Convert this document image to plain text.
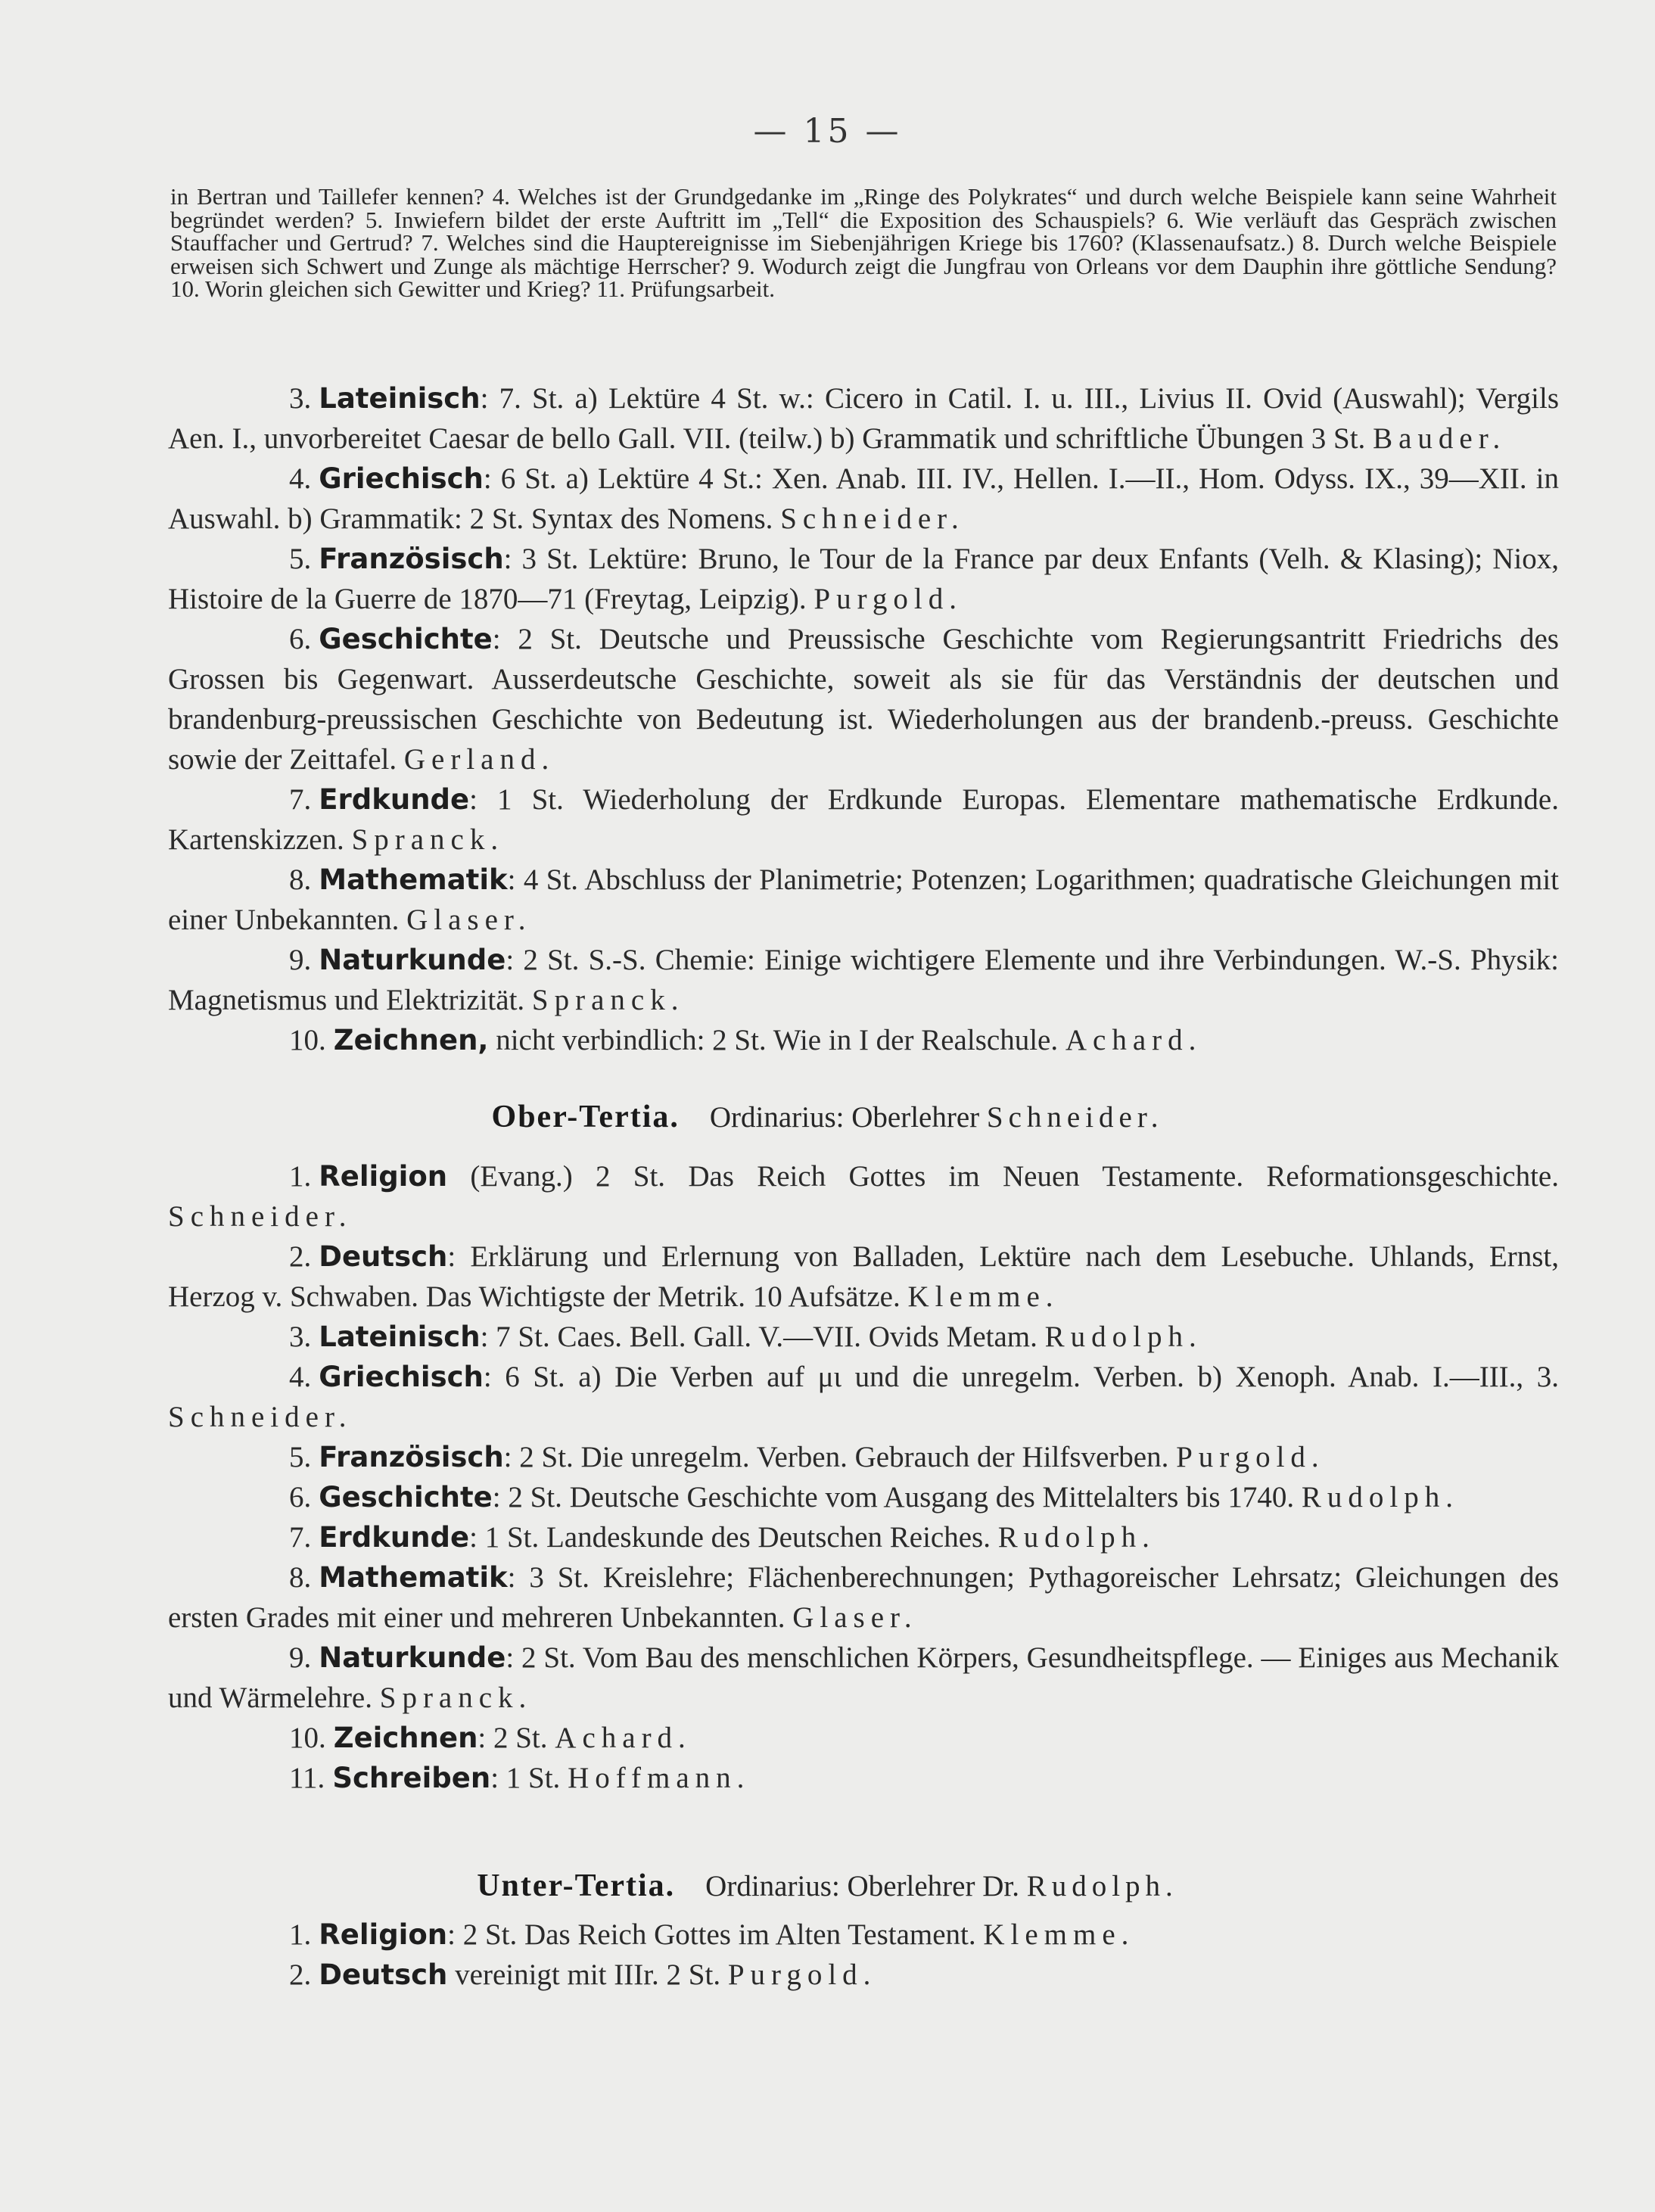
— 15 —
in Bertran und Taillefer kennen? 4. Welches ist der Grundgedanke im „Ringe des Polykrates“ und durch welche Beispiele kann seine Wahrheit begründet werden? 5. Inwiefern bildet der erste Auftritt im „Tell“ die Exposition des Schauspiels? 6. Wie verläuft das Gespräch zwischen Stauffacher und Gertrud? 7. Welches sind die Hauptereignisse im Siebenjährigen Kriege bis 1760? (Klassenaufsatz.) 8. Durch welche Beispiele erweisen sich Schwert und Zunge als mächtige Herrscher? 9. Wodurch zeigt die Jungfrau von Orleans vor dem Dauphin ihre göttliche Sendung? 10. Worin gleichen sich Gewitter und Krieg? 11. Prüfungsarbeit.

3. Lateinisch: 7. St. a) Lektüre 4 St. w.: Cicero in Catil. I. u. III., Livius II. Ovid (Auswahl); Vergils Aen. I., unvorbereitet Caesar de bello Gall. VII. (teilw.) b) Grammatik und schriftliche Übungen 3 St. Bauder.

4. Griechisch: 6 St. a) Lektüre 4 St.: Xen. Anab. III. IV., Hellen. I.—II., Hom. Odyss. IX., 39—XII. in Auswahl. b) Grammatik: 2 St. Syntax des Nomens. Schneider.

5. Französisch: 3 St. Lektüre: Bruno, le Tour de la France par deux Enfants (Velh. & Klasing); Niox, Histoire de la Guerre de 1870—71 (Freytag, Leipzig). Purgold.

6. Geschichte: 2 St. Deutsche und Preussische Geschichte vom Regierungsantritt Friedrichs des Grossen bis Gegenwart. Ausserdeutsche Geschichte, soweit als sie für das Verständnis der deutschen und brandenburg-preussischen Geschichte von Bedeutung ist. Wiederholungen aus der brandenb.-preuss. Geschichte sowie der Zeittafel. Gerland.

7. Erdkunde: 1 St. Wiederholung der Erdkunde Europas. Elementare mathematische Erdkunde. Kartenskizzen. Spranck.

8. Mathematik: 4 St. Abschluss der Planimetrie; Potenzen; Logarithmen; quadratische Gleichungen mit einer Unbekannten. Glaser.

9. Naturkunde: 2 St. S.-S. Chemie: Einige wichtigere Elemente und ihre Verbindungen. W.-S. Physik: Magnetismus und Elektrizität. Spranck.

10. Zeichnen, nicht verbindlich: 2 St. Wie in I der Realschule. Achard.

Ober-Tertia. Ordinarius: Oberlehrer Schneider.

1. Religion (Evang.) 2 St. Das Reich Gottes im Neuen Testamente. Reformationsgeschichte. Schneider.

2. Deutsch: Erklärung und Erlernung von Balladen, Lektüre nach dem Lesebuche. Uhlands, Ernst, Herzog v. Schwaben. Das Wichtigste der Metrik. 10 Aufsätze. Klemme.

3. Lateinisch: 7 St. Caes. Bell. Gall. V.—VII. Ovids Metam. Rudolph.

4. Griechisch: 6 St. a) Die Verben auf μι und die unregelm. Verben. b) Xenoph. Anab. I.—III., 3. Schneider.

5. Französisch: 2 St. Die unregelm. Verben. Gebrauch der Hilfsverben. Purgold.

6. Geschichte: 2 St. Deutsche Geschichte vom Ausgang des Mittelalters bis 1740. Rudolph.

7. Erdkunde: 1 St. Landeskunde des Deutschen Reiches. Rudolph.

8. Mathematik: 3 St. Kreislehre; Flächenberechnungen; Pythagoreischer Lehrsatz; Gleichungen des ersten Grades mit einer und mehreren Unbekannten. Glaser.

9. Naturkunde: 2 St. Vom Bau des menschlichen Körpers, Gesundheitspflege. — Einiges aus Mechanik und Wärmelehre. Spranck.

10. Zeichnen: 2 St. Achard.

11. Schreiben: 1 St. Hoffmann.

Unter-Tertia. Ordinarius: Oberlehrer Dr. Rudolph.

1. Religion: 2 St. Das Reich Gottes im Alten Testament. Klemme.

2. Deutsch vereinigt mit IIIr. 2 St. Purgold.
